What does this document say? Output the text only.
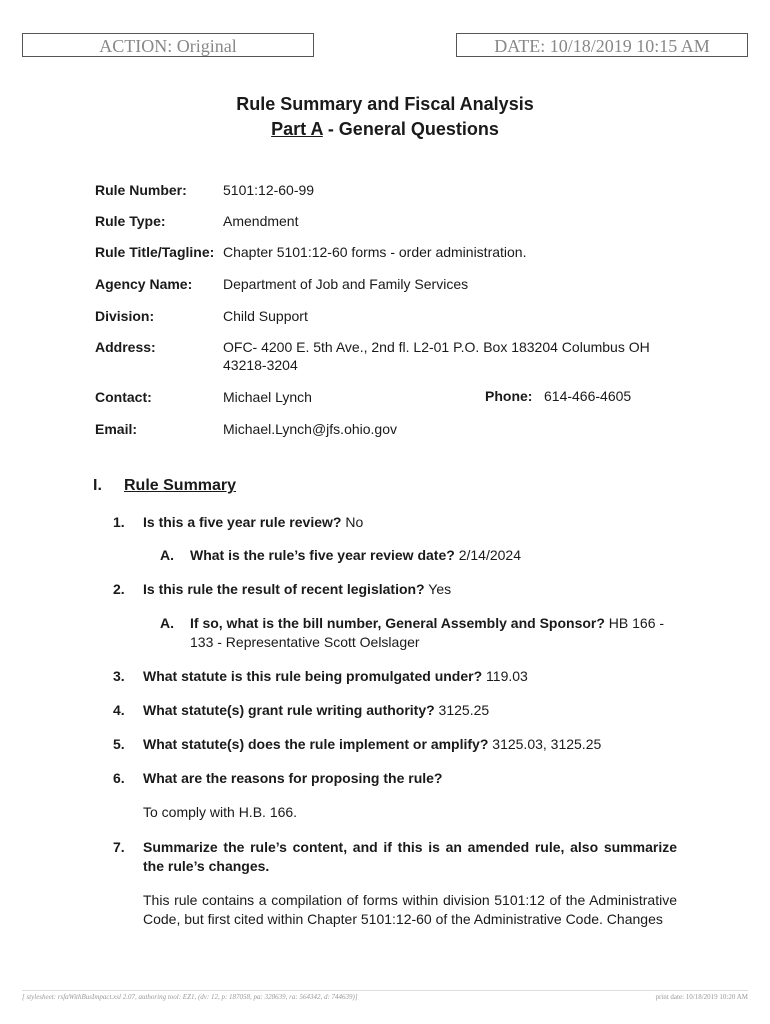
ACTION: Original	DATE: 10/18/2019 10:15 AM
Rule Summary and Fiscal Analysis
Part A - General Questions
Rule Number:	5101:12-60-99
Rule Type:	Amendment
Rule Title/Tagline: Chapter 5101:12-60 forms - order administration.
Agency Name: Department of Job and Family Services
Division:	Child Support
Address:	OFC- 4200 E. 5th Ave., 2nd fl. L2-01 P.O. Box 183204 Columbus OH 43218-3204
Contact:	Michael Lynch	Phone: 614-466-4605
Email:	Michael.Lynch@jfs.ohio.gov
I. Rule Summary
1. Is this a five year rule review? No
A. What is the rule’s five year review date? 2/14/2024
2. Is this rule the result of recent legislation? Yes
A. If so, what is the bill number, General Assembly and Sponsor? HB 166 - 133 - Representative Scott Oelslager
3. What statute is this rule being promulgated under? 119.03
4. What statute(s) grant rule writing authority? 3125.25
5. What statute(s) does the rule implement or amplify? 3125.03, 3125.25
6. What are the reasons for proposing the rule?
To comply with H.B. 166.
7. Summarize the rule’s content, and if this is an amended rule, also summarize the rule’s changes.
This rule contains a compilation of forms within division 5101:12 of the Administrative Code, but first cited within Chapter 5101:12-60 of the Administrative Code. Changes
[ stylesheet: rsfaWithBusImpact.xsl 2.07, authoring tool: EZ1, (dv: 12, p: 187058, pa: 328639, ra: 564342, d: 744639)]	print date: 10/18/2019 10:20 AM
